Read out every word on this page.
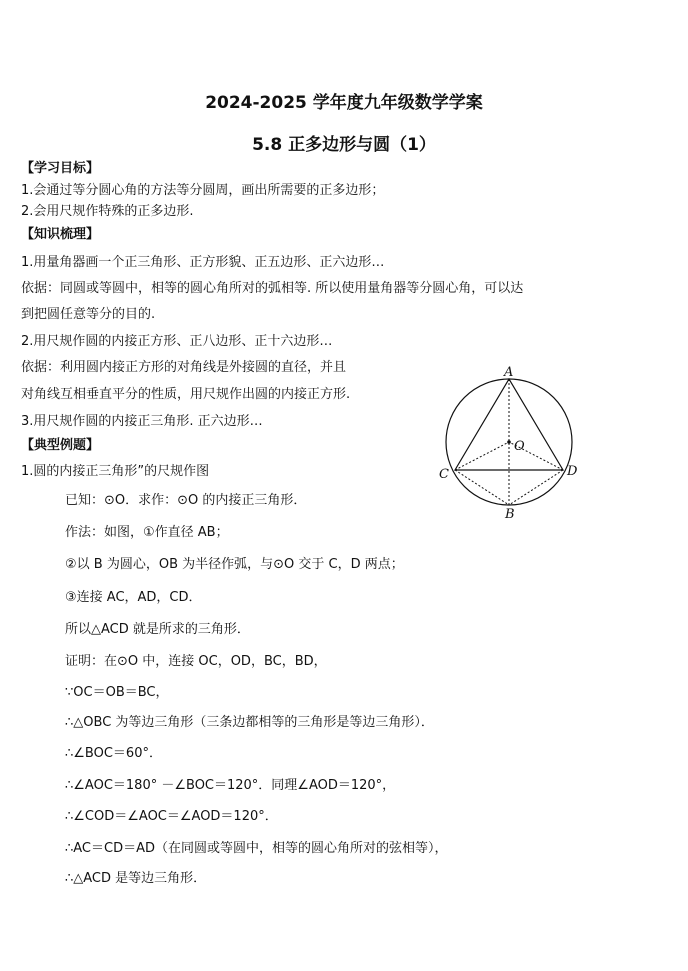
2024-2025 学年度九年级数学学案
5.8 正多边形与圆（1）
【学习目标】
1.会通过等分圆心角的方法等分圆周，画出所需要的正多边形；
2.会用尺规作特殊的正多边形.
【知识梳理】
1.用量角器画一个正三角形、正方形貌、正五边形、正六边形…
依据：同圆或等圆中，相等的圆心角所对的弧相等. 所以使用量角器等分圆心角，可以达
到把圆任意等分的目的.
2.用尺规作圆的内接正方形、正八边形、正十六边形…
依据：利用圆内接正方形的对角线是外接圆的直径，并且
对角线互相垂直平分的性质，用尺规作出圆的内接正方形.
3.用尺规作圆的内接正三角形. 正六边形…
【典型例题】
1.圆的内接正三角形”的尺规作图
已知：⊙O．求作：⊙O 的内接正三角形．
作法：如图，①作直径 AB；
②以 B 为圆心，OB 为半径作弧，与⊙O 交于 C，D 两点；
③连接 AC，AD，CD．
所以△ACD 就是所求的三角形．
证明：在⊙O 中，连接 OC，OD，BC，BD，
∵OC＝OB＝BC，
∴△OBC 为等边三角形（三条边都相等的三角形是等边三角形）．
∴∠BOC＝60°．
∴∠AOC＝180° －∠BOC＝120°．同理∠AOD＝120°，
∴∠COD＝∠AOC＝∠AOD＝120°．
∴AC＝CD＝AD（在同圆或等圆中，相等的圆心角所对的弦相等），
∴△ACD 是等边三角形．
A
B
C	D
O
